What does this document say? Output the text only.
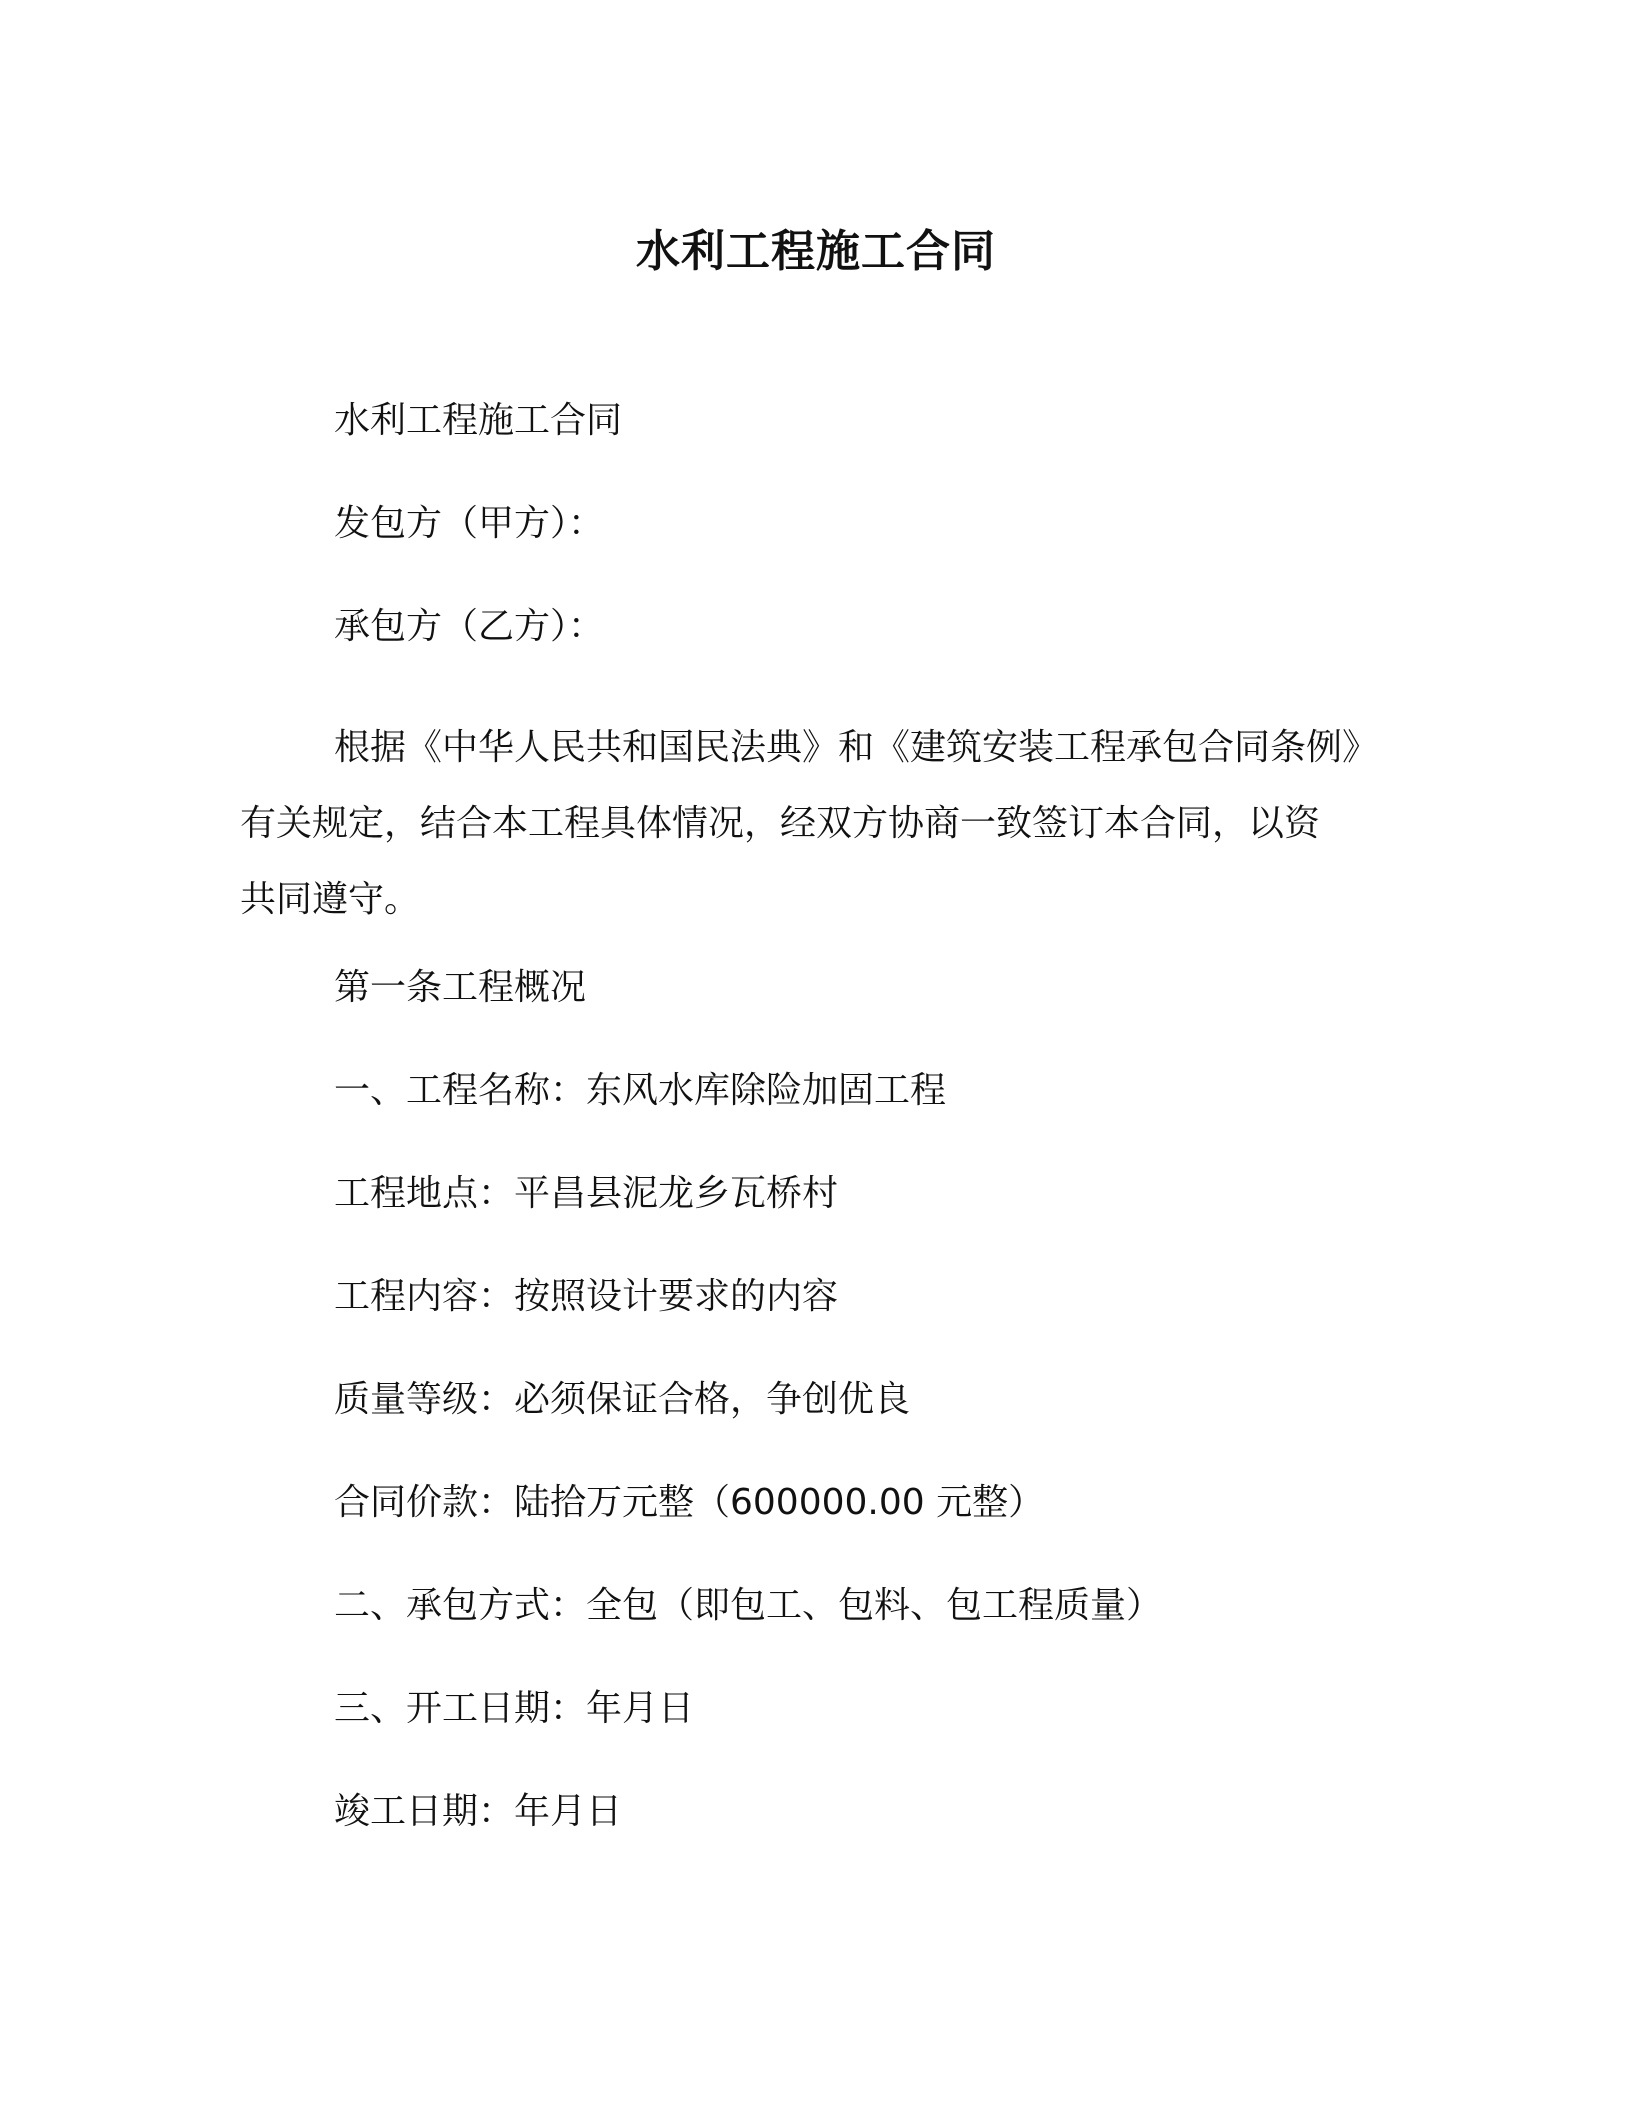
水利工程施工合同
水利工程施工合同
发包方（甲方）：
承包方（乙方）：
根据《中华人民共和国民法典》和《建筑安装工程承包合同条例》
有关规定，结合本工程具体情况，经双方协商一致签订本合同，以资
共同遵守。
第一条工程概况
一、工程名称：东风水库除险加固工程
工程地点：平昌县泥龙乡瓦桥村
工程内容：按照设计要求的内容
质量等级：必须保证合格，争创优良
合同价款：陆拾万元整（600000.00 元整）
二、承包方式：全包（即包工、包料、包工程质量）
三、开工日期：年月日
竣工日期：年月日
